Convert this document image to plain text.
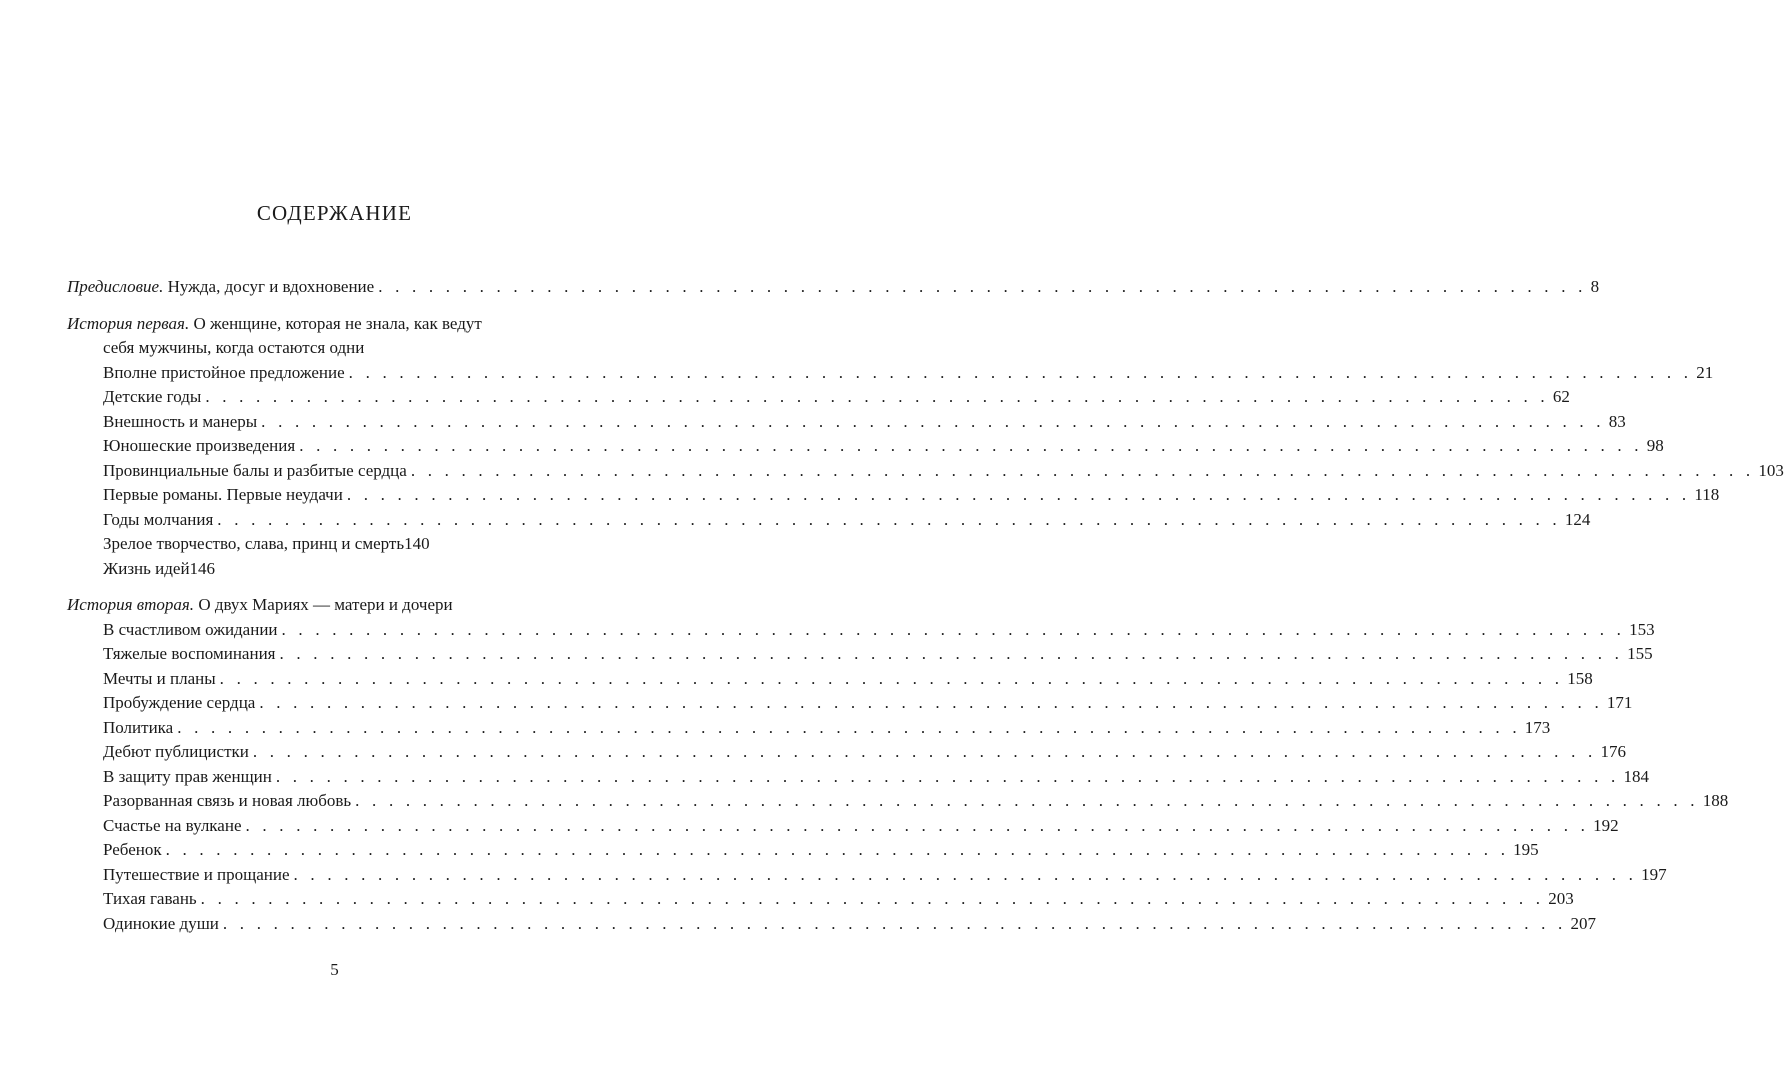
СОДЕРЖАНИЕ
Предисловие. Нужда, досуг и вдохновение . . . . . . . . . . . . . . . . . . . . . . . . . . . . . . . . . . . . . . . . . . . . . . . . . . . . . . . . . . . . . . . . . . . . . . . . 8
История первая. О женщине, которая не знала, как ведут
себя мужчины, когда остаются одни
Вполне пристойное предложение . . . . . . . . . . . . . . . . . . . . . . . . . . . . . . . . . . . . . . . . . . . . . . . . . . . . . . . . . . . . . . . . . . . . . . . . . . . . . . . . 21
Детские годы . . . . . . . . . . . . . . . . . . . . . . . . . . . . . . . . . . . . . . . . . . . . . . . . . . . . . . . . . . . . . . . . . . . . . . . . . . . . . . . . 62
Внешность и манеры . . . . . . . . . . . . . . . . . . . . . . . . . . . . . . . . . . . . . . . . . . . . . . . . . . . . . . . . . . . . . . . . . . . . . . . . . . . . . . . . 83
Юношеские произведения . . . . . . . . . . . . . . . . . . . . . . . . . . . . . . . . . . . . . . . . . . . . . . . . . . . . . . . . . . . . . . . . . . . . . . . . . . . . . . . . 98
Провинциальные балы и разбитые сердца . . . . . . . . . . . . . . . . . . . . . . . . . . . . . . . . . . . . . . . . . . . . . . . . . . . . . . . . . . . . . . . . . . . . . . . . . . . . . . . . 103
Первые романы. Первые неудачи . . . . . . . . . . . . . . . . . . . . . . . . . . . . . . . . . . . . . . . . . . . . . . . . . . . . . . . . . . . . . . . . . . . . . . . . . . . . . . . . 118
Годы молчания . . . . . . . . . . . . . . . . . . . . . . . . . . . . . . . . . . . . . . . . . . . . . . . . . . . . . . . . . . . . . . . . . . . . . . . . . . . . . . . . 124
Зрелое творчество, слава, принц и смерть 140
Жизнь идей 146
История вторая. О двух Мариях — матери и дочери
В счастливом ожидании . . . . . . . . . . . . . . . . . . . . . . . . . . . . . . . . . . . . . . . . . . . . . . . . . . . . . . . . . . . . . . . . . . . . . . . . . . . . . . . . 153
Тяжелые воспоминания . . . . . . . . . . . . . . . . . . . . . . . . . . . . . . . . . . . . . . . . . . . . . . . . . . . . . . . . . . . . . . . . . . . . . . . . . . . . . . . . 155
Мечты и планы . . . . . . . . . . . . . . . . . . . . . . . . . . . . . . . . . . . . . . . . . . . . . . . . . . . . . . . . . . . . . . . . . . . . . . . . . . . . . . . . 158
Пробуждение сердца . . . . . . . . . . . . . . . . . . . . . . . . . . . . . . . . . . . . . . . . . . . . . . . . . . . . . . . . . . . . . . . . . . . . . . . . . . . . . . . . 171
Политика . . . . . . . . . . . . . . . . . . . . . . . . . . . . . . . . . . . . . . . . . . . . . . . . . . . . . . . . . . . . . . . . . . . . . . . . . . . . . . . . 173
Дебют публицистки . . . . . . . . . . . . . . . . . . . . . . . . . . . . . . . . . . . . . . . . . . . . . . . . . . . . . . . . . . . . . . . . . . . . . . . . . . . . . . . . 176
В защиту прав женщин . . . . . . . . . . . . . . . . . . . . . . . . . . . . . . . . . . . . . . . . . . . . . . . . . . . . . . . . . . . . . . . . . . . . . . . . . . . . . . . . 184
Разорванная связь и новая любовь . . . . . . . . . . . . . . . . . . . . . . . . . . . . . . . . . . . . . . . . . . . . . . . . . . . . . . . . . . . . . . . . . . . . . . . . . . . . . . . . 188
Счастье на вулкане . . . . . . . . . . . . . . . . . . . . . . . . . . . . . . . . . . . . . . . . . . . . . . . . . . . . . . . . . . . . . . . . . . . . . . . . . . . . . . . . 192
Ребенок . . . . . . . . . . . . . . . . . . . . . . . . . . . . . . . . . . . . . . . . . . . . . . . . . . . . . . . . . . . . . . . . . . . . . . . . . . . . . . . . 195
Путешествие и прощание . . . . . . . . . . . . . . . . . . . . . . . . . . . . . . . . . . . . . . . . . . . . . . . . . . . . . . . . . . . . . . . . . . . . . . . . . . . . . . . . 197
Тихая гавань . . . . . . . . . . . . . . . . . . . . . . . . . . . . . . . . . . . . . . . . . . . . . . . . . . . . . . . . . . . . . . . . . . . . . . . . . . . . . . . . 203
Одинокие души . . . . . . . . . . . . . . . . . . . . . . . . . . . . . . . . . . . . . . . . . . . . . . . . . . . . . . . . . . . . . . . . . . . . . . . . . . . . . . . . 207
5
